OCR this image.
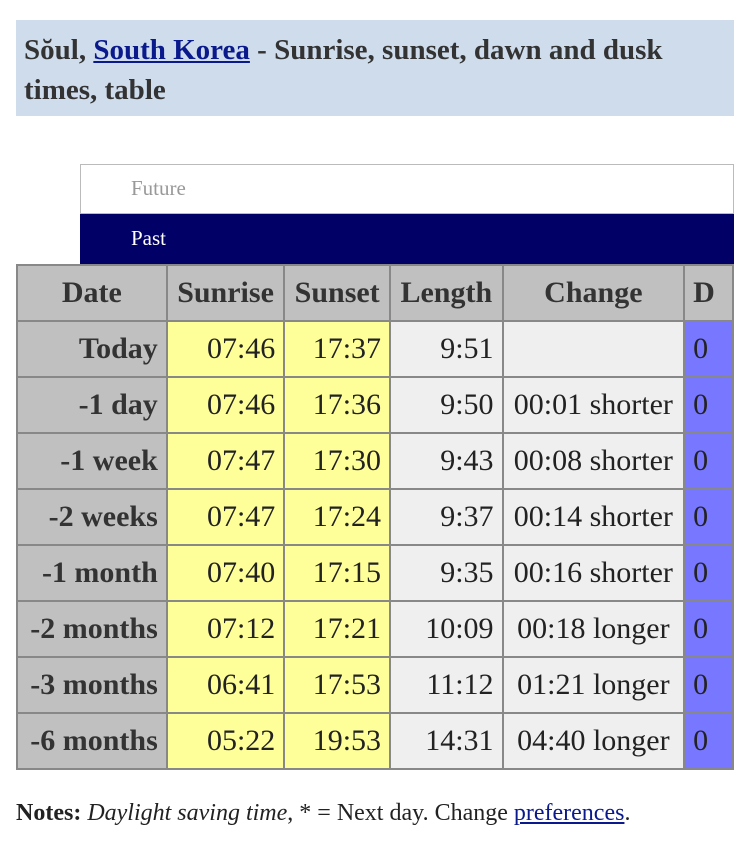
Sŏul, South Korea - Sunrise, sunset, dawn and dusk times, table
Future
Past
Date	Sunrise	Sunset	Length	Change	D
Today	07:46	17:37	9:51		0
-1 day	07:46	17:36	9:50	00:01 shorter	0
-1 week	07:47	17:30	9:43	00:08 shorter	0
-2 weeks	07:47	17:24	9:37	00:14 shorter	0
-1 month	07:40	17:15	9:35	00:16 shorter	0
-2 months	07:12	17:21	10:09	00:18 longer	0
-3 months	06:41	17:53	11:12	01:21 longer	0
-6 months	05:22	19:53	14:31	04:40 longer	0
Notes: Daylight saving time, * = Next day. Change preferences.
